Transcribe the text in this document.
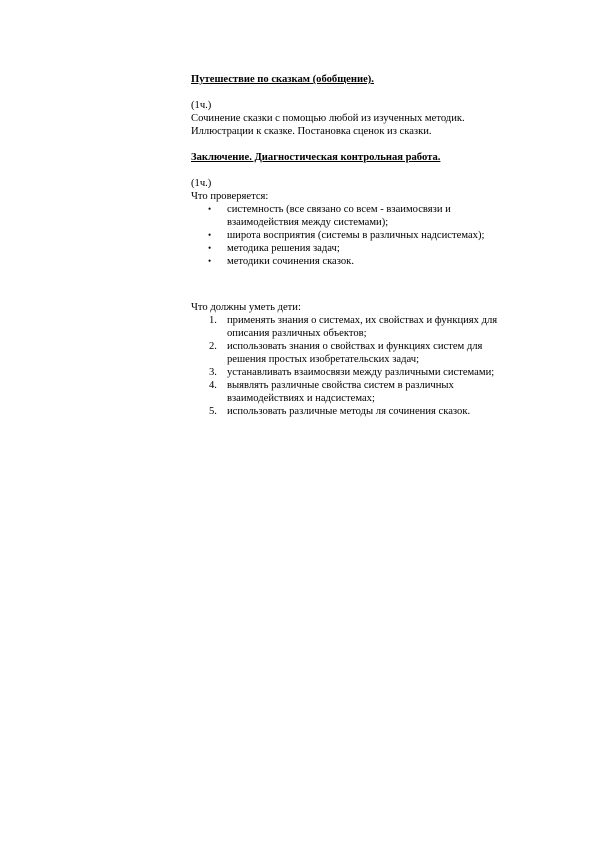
Путешествие по сказкам (обобщение).

(1ч.)

Сочинение сказки с помощью любой из изученных методик.

Иллюстрации к сказке. Постановка сценок из сказки.

Заключение. Диагностическая контрольная работа.

(1ч.)

Что проверяется:

• системность (все связано со всем - взаимосвязи и взаимодействия между системами);
• широта восприятия (системы в различных надсистемах);
• методика решения задач;
• методики сочинения сказок.

Что должны уметь дети:

1. применять знания о системах, их свойствах и функциях для описания различных объектов;
2. использовать знания о свойствах и функциях систем для решения простых изобретательских задач;
3. устанавливать взаимосвязи между различными системами;
4. выявлять различные свойства систем в различных взаимодействиях и надсистемах;
5. использовать различные методы ля сочинения сказок.
